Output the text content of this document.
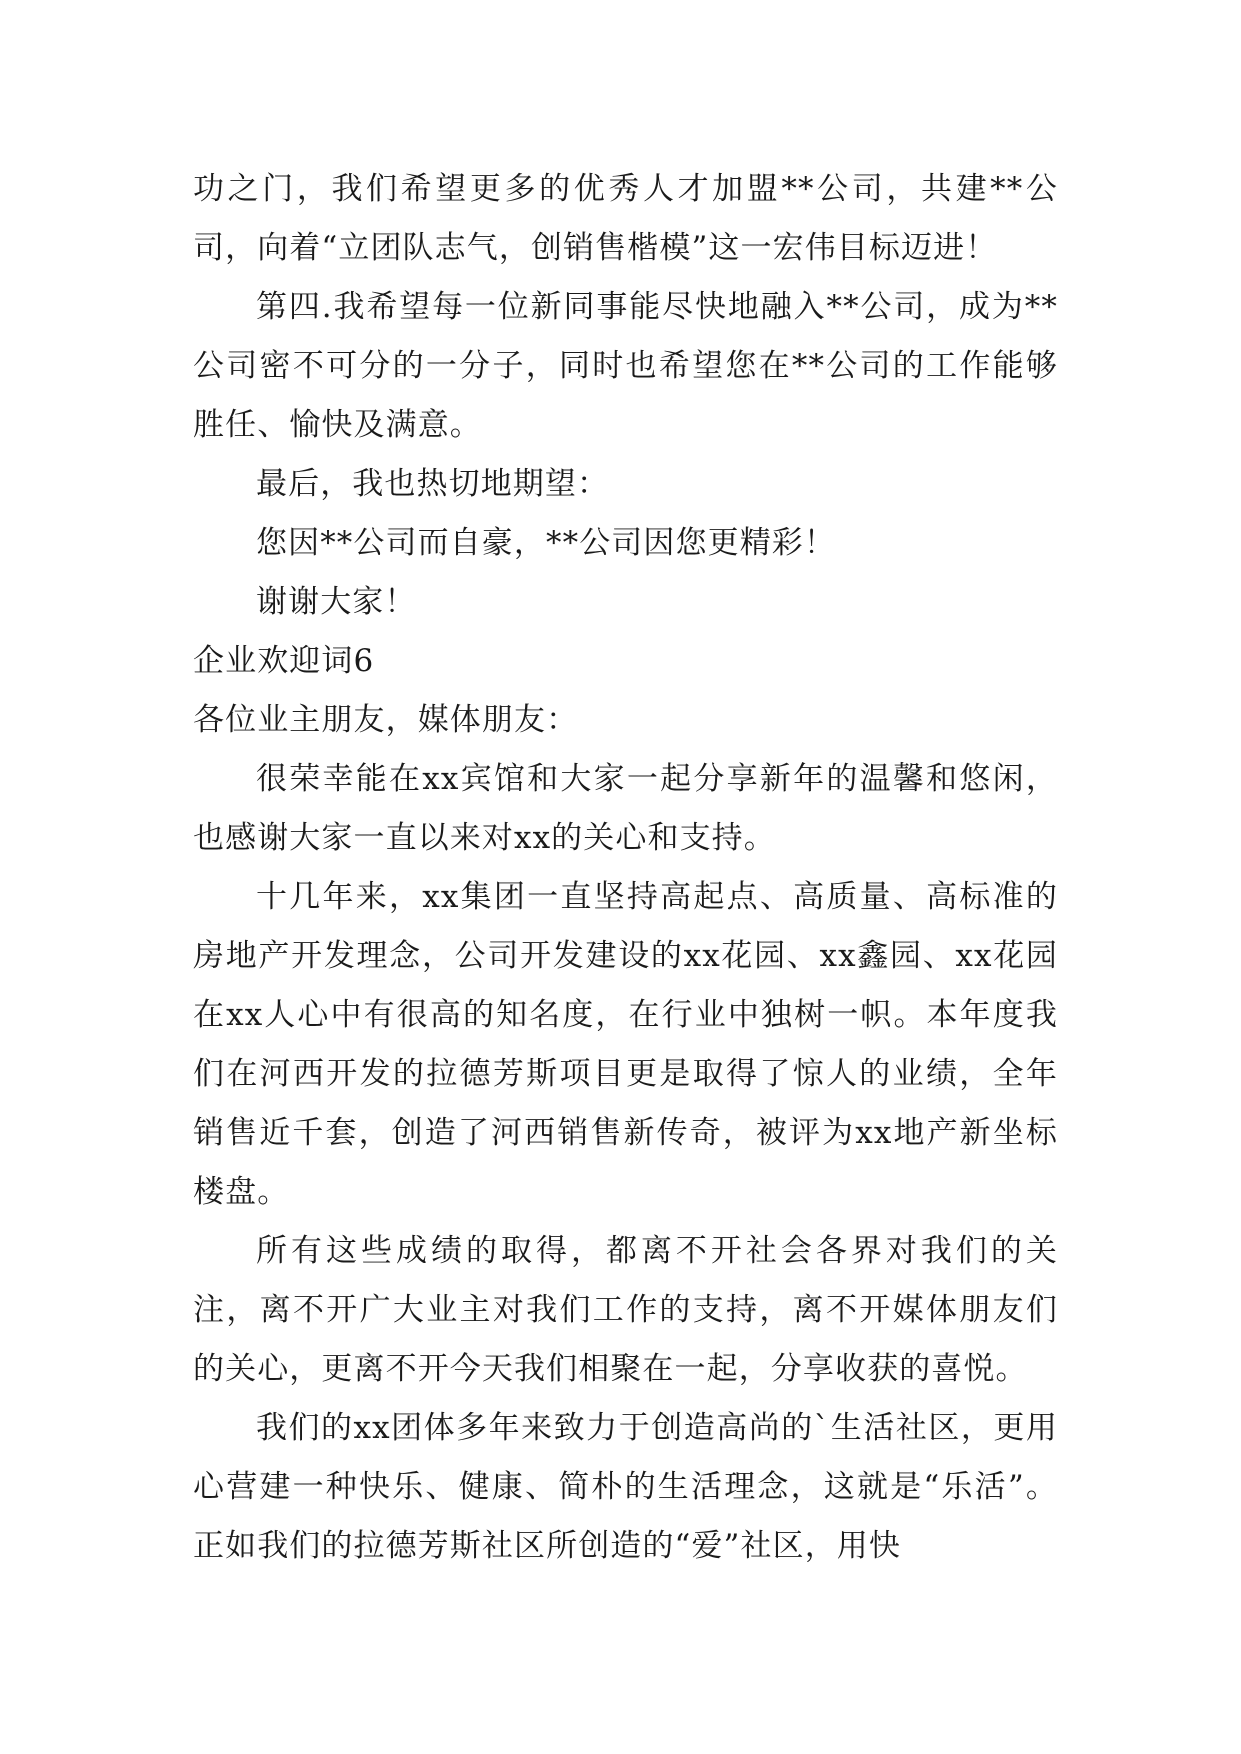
功之门，我们希望更多的优秀人才加盟**公司，共建**公司，向着“立团队志气，创销售楷模”这一宏伟目标迈进！

第四.我希望每一位新同事能尽快地融入**公司，成为**公司密不可分的一分子，同时也希望您在**公司的工作能够胜任、愉快及满意。

最后，我也热切地期望：

您因**公司而自豪，**公司因您更精彩！

谢谢大家！

企业欢迎词6

各位业主朋友，媒体朋友：

很荣幸能在xx宾馆和大家一起分享新年的温馨和悠闲，也感谢大家一直以来对xx的关心和支持。

十几年来，xx集团一直坚持高起点、高质量、高标准的房地产开发理念，公司开发建设的xx花园、xx鑫园、xx花园在xx人心中有很高的知名度，在行业中独树一帜。本年度我们在河西开发的拉德芳斯项目更是取得了惊人的业绩，全年销售近千套，创造了河西销售新传奇，被评为xx地产新坐标楼盘。

所有这些成绩的取得，都离不开社会各界对我们的关注，离不开广大业主对我们工作的支持，离不开媒体朋友们的关心，更离不开今天我们相聚在一起，分享收获的喜悦。

我们的xx团体多年来致力于创造高尚的`生活社区，更用心营建一种快乐、健康、简朴的生活理念，这就是“乐活”。正如我们的拉德芳斯社区所创造的“爱”社区，用快
